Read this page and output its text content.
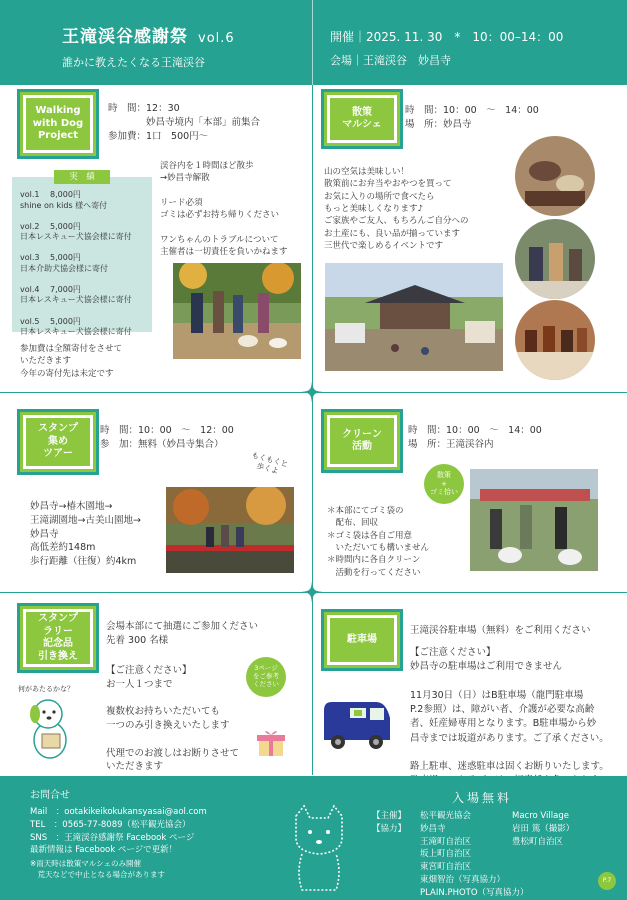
王滝渓谷感謝祭 vol.6
誰かに教えたくなる王滝渓谷
開催｜2025. 11. 30　*　10：00–14：00
会場｜王滝渓谷　妙昌寺
Walking
with Dog
Project
時　間：12：30
　　　　妙昌寺境内「本部」前集合
参加費：1口　500円〜
渓谷内を１時間ほど散歩
→妙昌寺解散

リード必須
ゴミは必ずお持ち帰りください

ワンちゃんのトラブルについて
主催者は一切責任を負いかねます
実　績
vol.1　 8,000円
shine on kids 様へ寄付

vol.2　 5,000円
日本レスキュー犬協会様に寄付

vol.3　 5,000円
日本介助犬協会様に寄付

vol.4　 7,000円
日本レスキュー犬協会様に寄付

vol.5　 5,000円
日本レスキュー犬協会様に寄付
参加費は全額寄付をさせて
いただきます
今年の寄付先は未定です
散策
マルシェ
時　間：10：00　〜　14：00
場　所：妙昌寺
山の空気は美味しい！
散策前にお弁当やおやつを買って
お気に入りの場所で食べたら
もっと美味しくなります♪
ご家族やご友人、もちろんご自分への
お土産にも、良い品が揃っています
三世代で楽しめるイベントです
スタンプ
集め
ツアー
時　間：10：00　〜　12：00
参　加：無料（妙昌寺集合）
もくもくと
歩くよ
妙昌寺→椿木園地→
王滝湖園地→古美山園地→
妙昌寺
高低差約148m
歩行距離（往復）約4km
クリーン
活動
時　間：10：00　〜　14：00
場　所：王滝渓谷内
散策
+
ゴミ拾い
＊本部にてゴミ袋の
　配布、回収
＊ゴミ袋は各自ご用意
　いただいても構いません
＊時間内に各自クリーン
　活動を行ってください
スタンプ
ラリー
記念品
引き換え
会場本部にて抽選にご参加ください
先着 300 名様
3ページ
をご参考
ください
【ご注意ください】
お一人１つまで

複数枚お持ちいただいても
一つのみ引き換えいたします

代理でのお渡しはお断りさせて
いただきます
何があたるかな？
駐車場
王滝渓谷駐車場（無料）をご利用ください
【ご注意ください】
妙昌寺の駐車場はご利用できません

11月30日（日）はB駐車場（龍門駐車場
P.2参照）は、障がい者、介護が必要な高齢
者、妊産婦専用となります。B駐車場から妙
昌寺までは坂道があります。ご了承ください。

路上駐車、迷惑駐車は固くお断りいたします。

お問合せ
Mail　：ootakikeikokukansyasai@aol.com
TEL　：0565-77-8089（松平観光協会）
SNS　：王滝渓谷感謝祭 Facebook ページ
最新情報は Facebook ページで更新！
※雨天時は散策マルシェのみ開催
　荒天などで中止となる場合があります
入場無料
【主催】
【協力】
松平観光協会
妙昌寺
王滝町自治区
坂上町自治区
東宮町自治区
東畑智治（写真協力）
PLAIN.PHOTO（写真協力）
Macro Village
岩田 篤（撮影）
豊松町自治区
P.7
